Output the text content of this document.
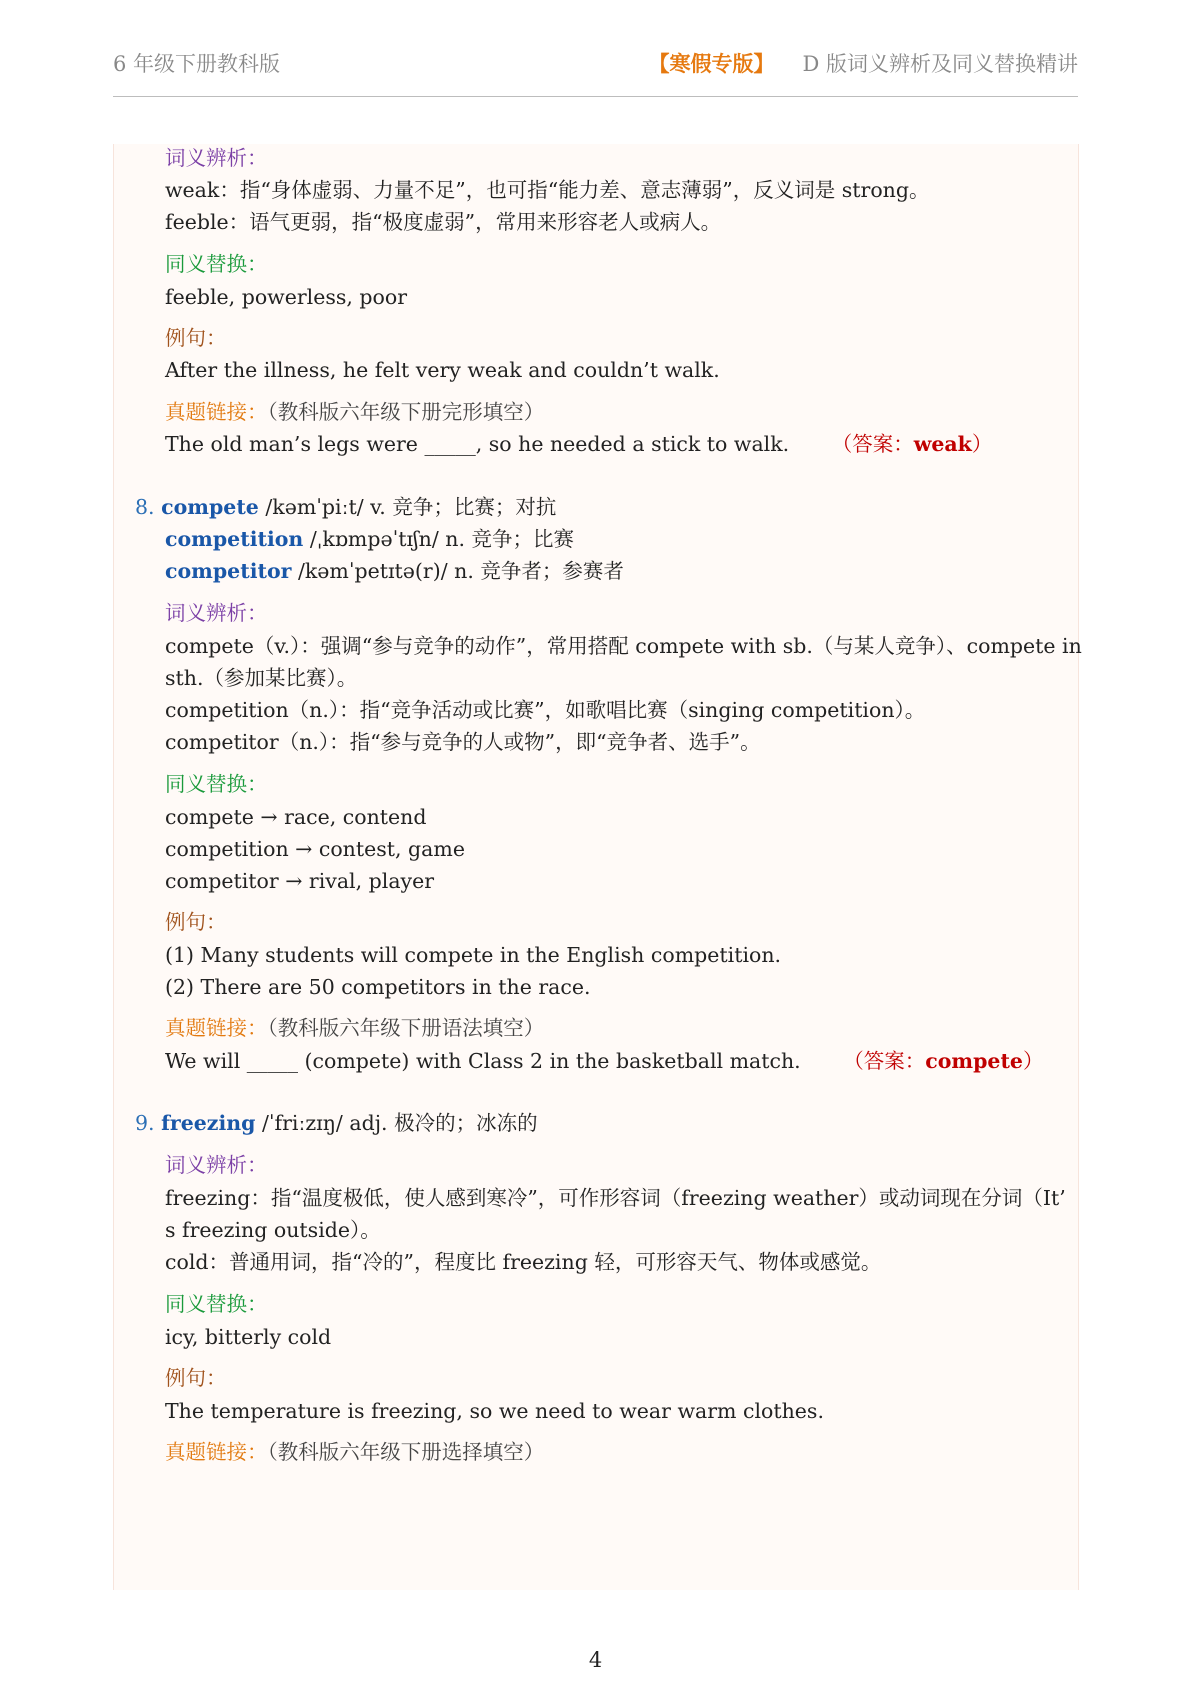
6 年级下册教科版	【寒假专版】 D 版词义辨析及同义替换精讲
词义辨析：
weak：指“身体虚弱、力量不足”，也可指“能力差、意志薄弱”，反义词是 strong。
feeble：语气更弱，指“极度虚弱”，常用来形容老人或病人。
同义替换：
feeble, powerless, poor
例句：
After the illness, he felt very weak and couldn’t walk.
真题链接：（教科版六年级下册完形填空）
The old man’s legs were _____, so he needed a stick to walk. （答案：weak）
8. compete /kəmˈpiːt/ v. 竞争；比赛；对抗
competition /ˌkɒmpəˈtɪʃn/ n. 竞争；比赛
competitor /kəmˈpetɪtə(r)/ n. 竞争者；参赛者
词义辨析：
compete（v.）：强调“参与竞争的动作”，常用搭配 compete with sb.（与某人竞争）、compete in
sth.（参加某比赛）。
competition（n.）：指“竞争活动或比赛”，如歌唱比赛（singing competition）。
competitor（n.）：指“参与竞争的人或物”，即“竞争者、选手”。
同义替换：
compete → race, contend
competition → contest, game
competitor → rival, player
例句：
(1) Many students will compete in the English competition.
(2) There are 50 competitors in the race.
真题链接：（教科版六年级下册语法填空）
We will _____ (compete) with Class 2 in the basketball match. （答案：compete）
9. freezing /ˈfriːzɪŋ/ adj. 极冷的；冰冻的
词义辨析：
freezing：指“温度极低，使人感到寒冷”，可作形容词（freezing weather）或动词现在分词（It’
s freezing outside）。
cold：普通用词，指“冷的”，程度比 freezing 轻，可形容天气、物体或感觉。
同义替换：
icy, bitterly cold
例句：
The temperature is freezing, so we need to wear warm clothes.
真题链接：（教科版六年级下册选择填空）
4
